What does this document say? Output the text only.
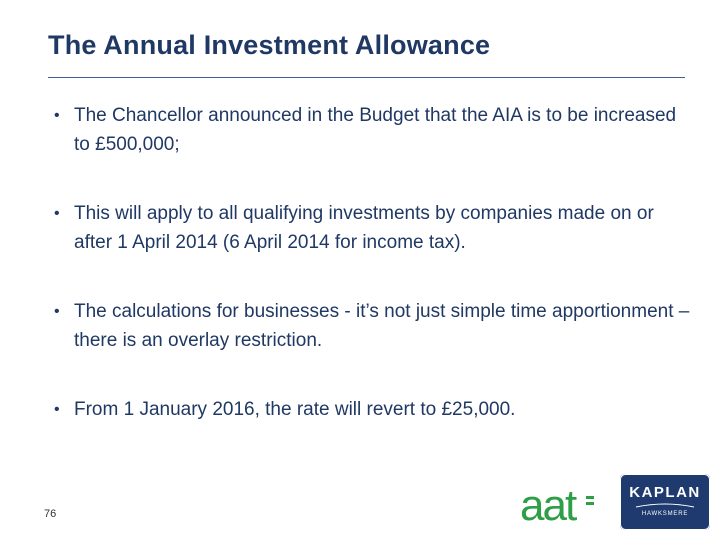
The Annual Investment Allowance
• The Chancellor announced in the Budget that the AIA is to be increased to £500,000;
• This will apply to all qualifying investments by companies made on or after 1 April 2014 (6 April 2014 for income tax).
• The calculations for businesses - it’s not just simple time apportionment – there is an overlay restriction.
• From 1 January 2016, the rate will revert to £25,000.
76	aat	KAPLAN
HAWKSMERE
